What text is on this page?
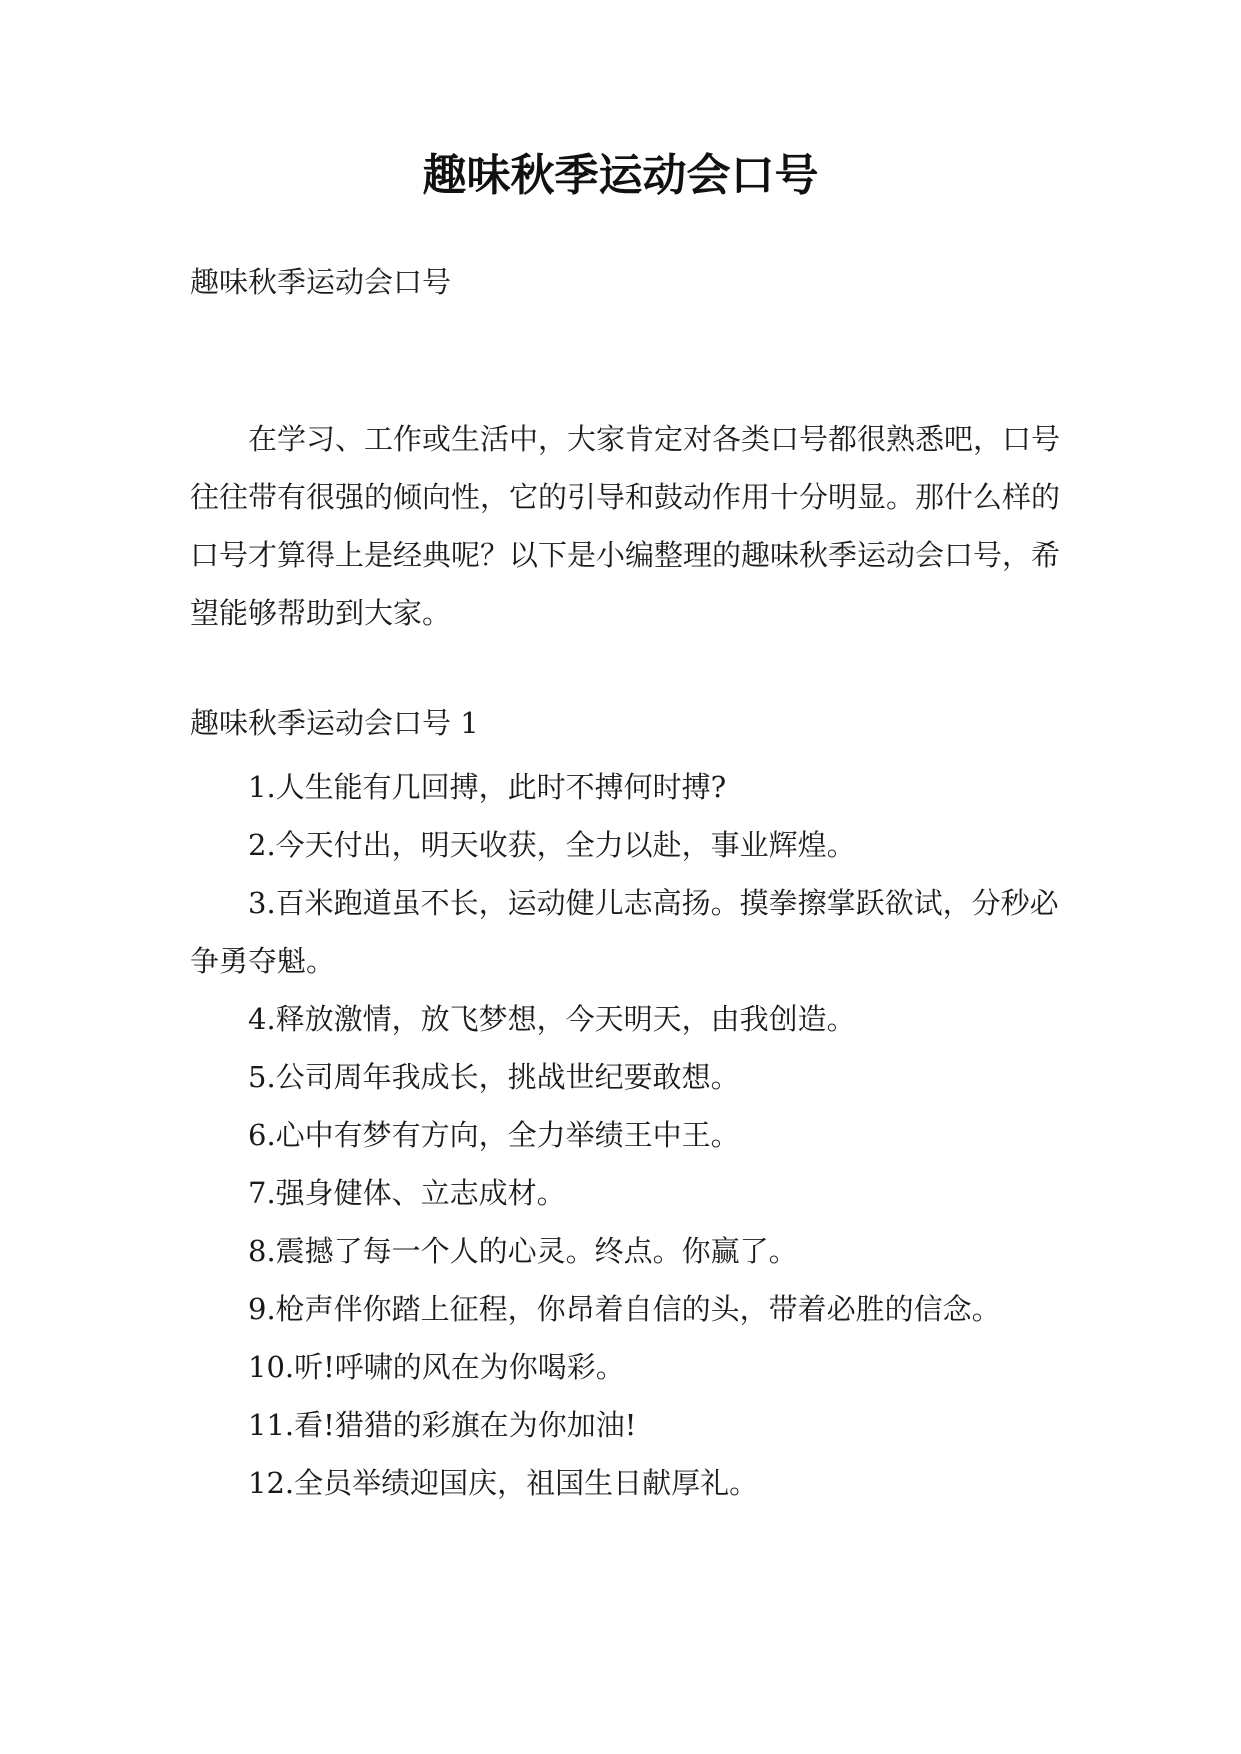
趣味秋季运动会口号

趣味秋季运动会口号

在学习、工作或生活中，大家肯定对各类口号都很熟悉吧，口号往往带有很强的倾向性，它的引导和鼓动作用十分明显。那什么样的口号才算得上是经典呢？以下是小编整理的趣味秋季运动会口号，希望能够帮助到大家。

趣味秋季运动会口号 1

1.人生能有几回搏，此时不搏何时搏?
2.今天付出，明天收获，全力以赴，事业辉煌。
3.百米跑道虽不长，运动健儿志高扬。摸拳擦掌跃欲试，分秒必争勇夺魁。
4.释放激情，放飞梦想，今天明天，由我创造。
5.公司周年我成长，挑战世纪要敢想。
6.心中有梦有方向，全力举绩王中王。
7.强身健体、立志成材。
8.震撼了每一个人的心灵。终点。你赢了。
9.枪声伴你踏上征程，你昂着自信的头，带着必胜的信念。
10.听!呼啸的风在为你喝彩。
11.看!猎猎的彩旗在为你加油!
12.全员举绩迎国庆，祖国生日献厚礼。
